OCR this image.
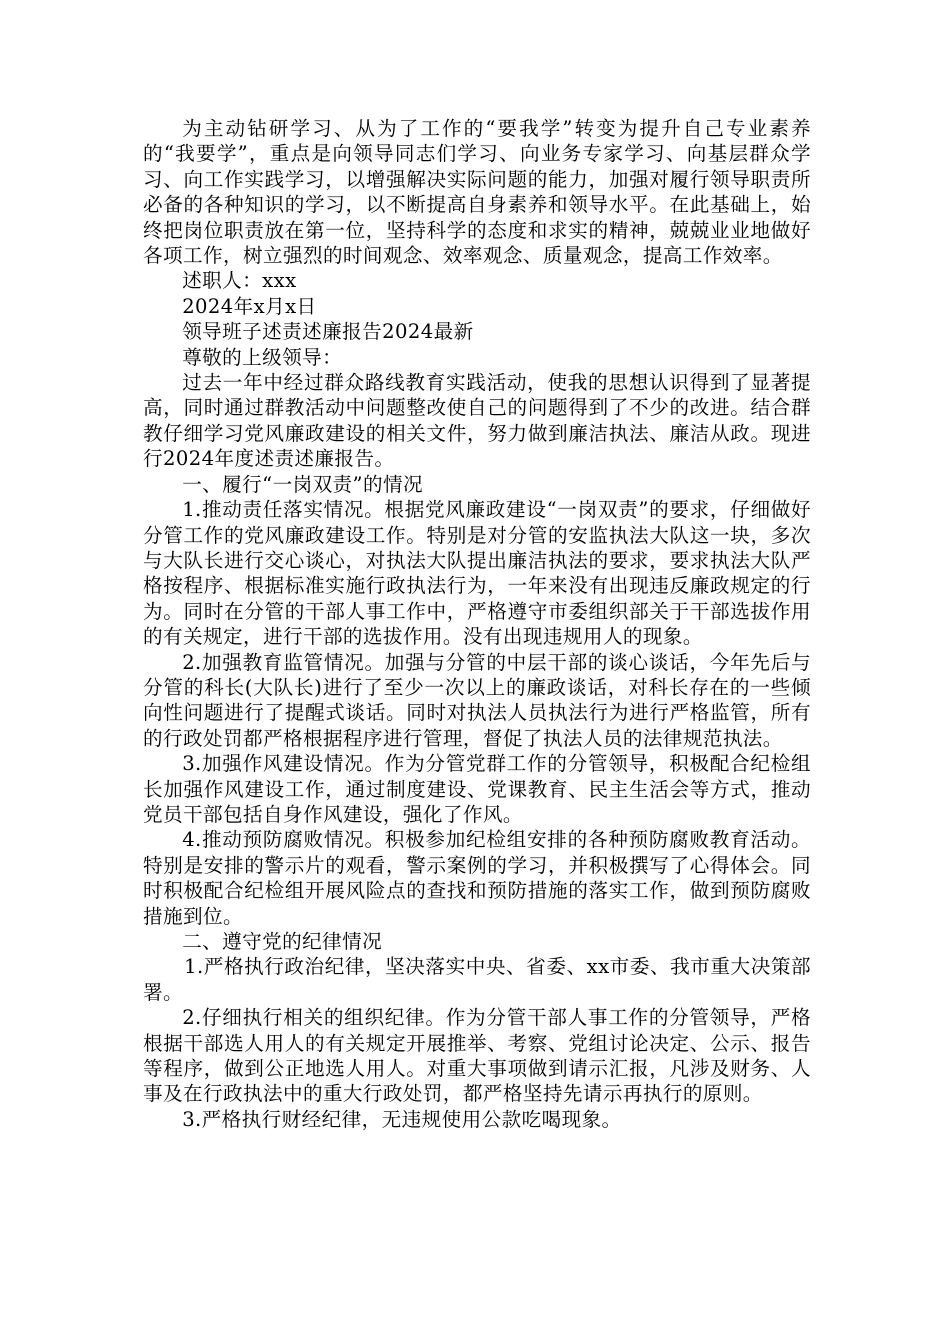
为主动钻研学习、从为了工作的“要我学”转变为提升自己专业素养的“我要学”，重点是向领导同志们学习、向业务专家学习、向基层群众学习、向工作实践学习，以增强解决实际问题的能力，加强对履行领导职责所必备的各种知识的学习，以不断提高自身素养和领导水平。在此基础上，始终把岗位职责放在第一位，坚持科学的态度和求实的精神，兢兢业业地做好各项工作，树立强烈的时间观念、效率观念、质量观念，提高工作效率。

述职人：xxx

2024年x月x日

领导班子述责述廉报告2024最新

尊敬的上级领导：

过去一年中经过群众路线教育实践活动，使我的思想认识得到了显著提高，同时通过群教活动中问题整改使自己的问题得到了不少的改进。结合群教仔细学习党风廉政建设的相关文件，努力做到廉洁执法、廉洁从政。现进行2024年度述责述廉报告。

一、履行“一岗双责”的情况

1.推动责任落实情况。根据党风廉政建设“一岗双责”的要求，仔细做好分管工作的党风廉政建设工作。特别是对分管的安监执法大队这一块，多次与大队长进行交心谈心，对执法大队提出廉洁执法的要求，要求执法大队严格按程序、根据标准实施行政执法行为，一年来没有出现违反廉政规定的行为。同时在分管的干部人事工作中，严格遵守市委组织部关于干部选拔作用的有关规定，进行干部的选拔作用。没有出现违规用人的现象。

2.加强教育监管情况。加强与分管的中层干部的谈心谈话，今年先后与分管的科长(大队长)进行了至少一次以上的廉政谈话，对科长存在的一些倾向性问题进行了提醒式谈话。同时对执法人员执法行为进行严格监管，所有的行政处罚都严格根据程序进行管理，督促了执法人员的法律规范执法。

3.加强作风建设情况。作为分管党群工作的分管领导，积极配合纪检组长加强作风建设工作，通过制度建设、党课教育、民主生活会等方式，推动党员干部包括自身作风建设，强化了作风。

4.推动预防腐败情况。积极参加纪检组安排的各种预防腐败教育活动。特别是安排的警示片的观看，警示案例的学习，并积极撰写了心得体会。同时积极配合纪检组开展风险点的查找和预防措施的落实工作，做到预防腐败措施到位。

二、遵守党的纪律情况

1.严格执行政治纪律，坚决落实中央、省委、xx市委、我市重大决策部署。

2.仔细执行相关的组织纪律。作为分管干部人事工作的分管领导，严格根据干部选人用人的有关规定开展推举、考察、党组讨论决定、公示、报告等程序，做到公正地选人用人。对重大事项做到请示汇报，凡涉及财务、人事及在行政执法中的重大行政处罚，都严格坚持先请示再执行的原则。

3.严格执行财经纪律，无违规使用公款吃喝现象。
